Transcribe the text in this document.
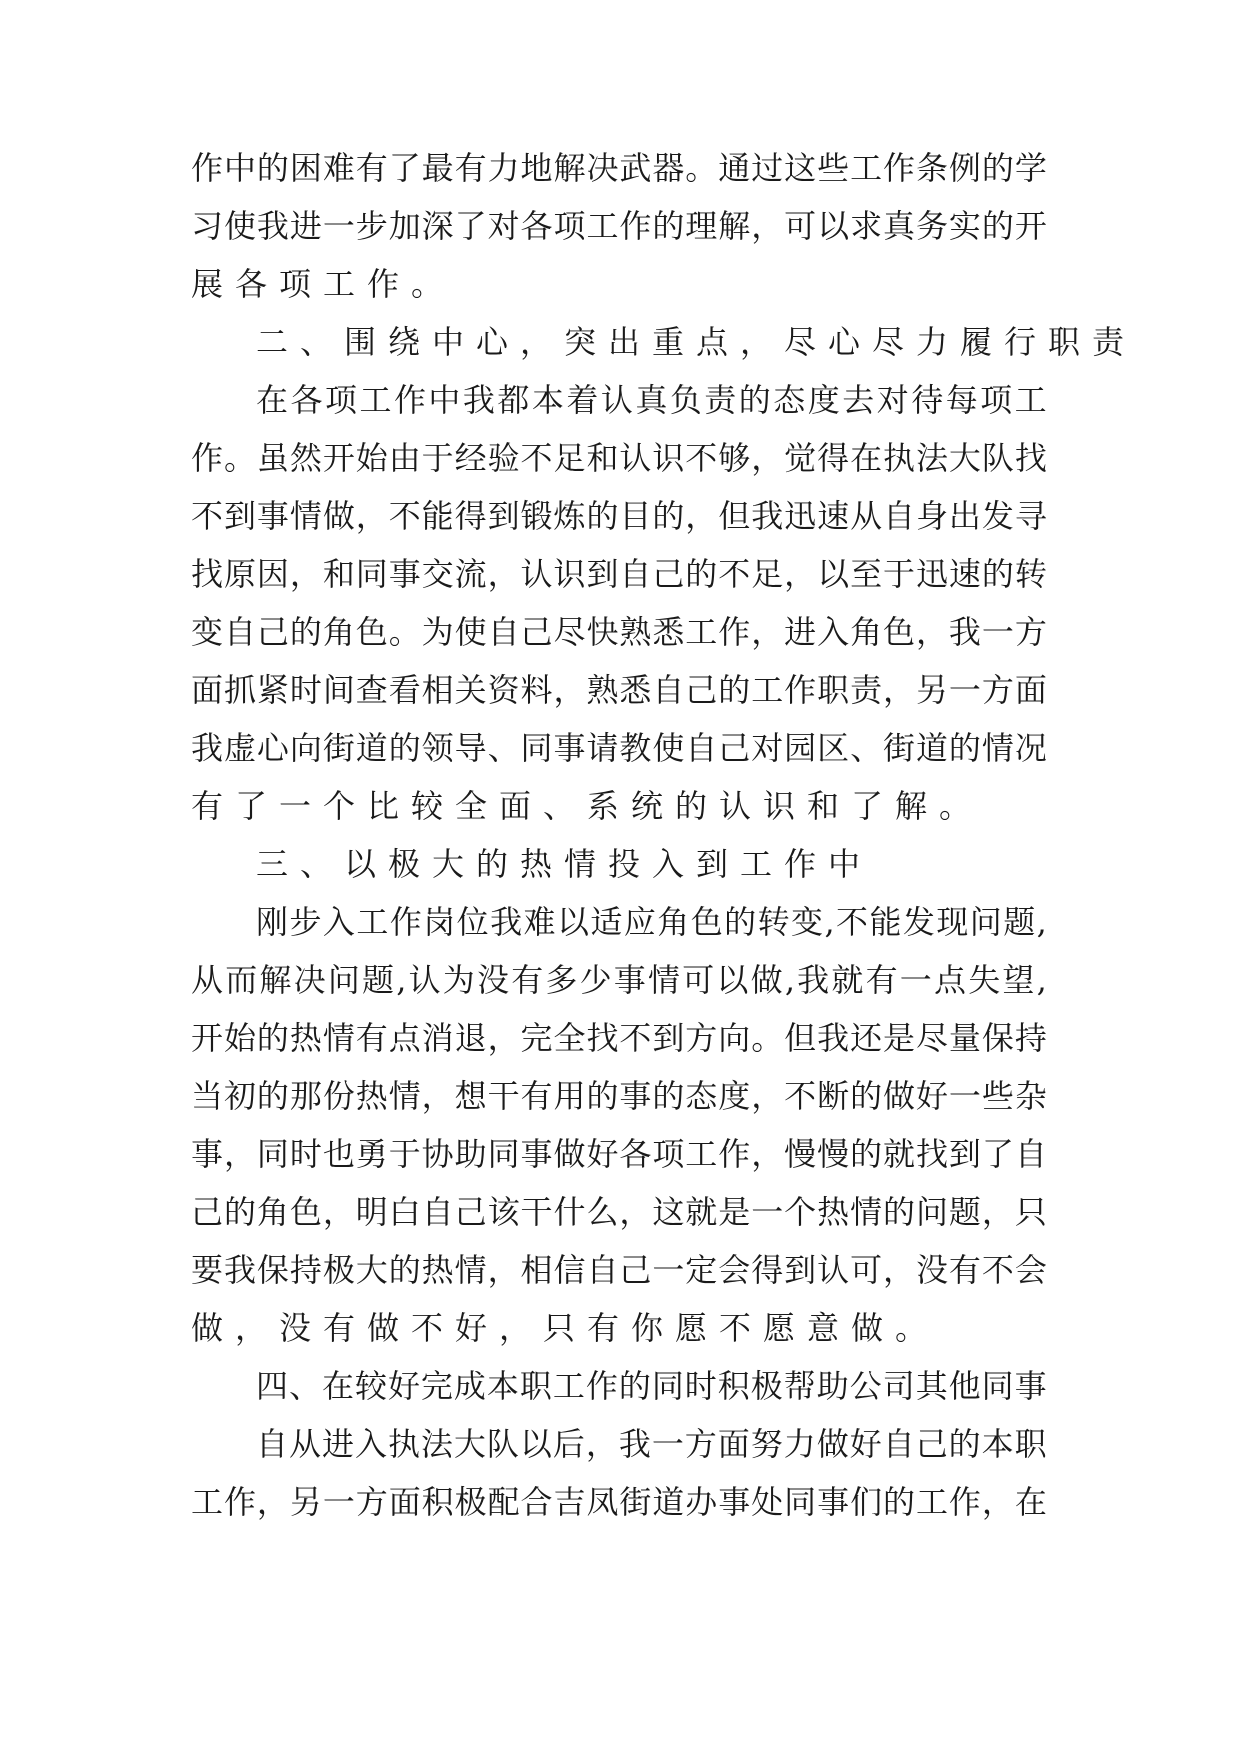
作 中 的 困 难 有 了 最 有 力 地 解 决 武 器 。 通 过 这 些 工 作 条 例 的 学

习 使 我 进 一 步 加 深 了 对 各 项 工 作 的 理 解 ， 可 以 求 真 务 实 的 开

展各项工作。

二、围绕中心，突出重点，尽心尽力履行职责

在 各 项 工 作 中 我 都 本 着 认 真 负 责 的 态 度 去 对 待 每 项 工

作 。 虽 然 开 始 由 于 经 验 不 足 和 认 识 不 够 ， 觉 得 在 执 法 大 队 找

不 到 事 情 做 ， 不 能 得 到 锻 炼 的 目 的 ， 但 我 迅 速 从 自 身 出 发 寻

找 原 因 ， 和 同 事 交 流 ， 认 识 到 自 己 的 不 足 ， 以 至 于 迅 速 的 转

变 自 己 的 角 色 。 为 使 自 己 尽 快 熟 悉 工 作 ， 进 入 角 色 ， 我 一 方

面 抓 紧 时 间 查 看 相 关 资 料 ， 熟 悉 自 己 的 工 作 职 责 ， 另 一 方 面

我 虚 心 向 街 道 的 领 导 、 同 事 请 教 使 自 己 对 园 区 、 街 道 的 情 况

有了一个比较全面、系统的认识和了解。

三、以极大的热情投入到工作中

刚 步 入 工 作 岗 位 我 难 以 适 应 角 色 的 转 变 , 不 能 发 现 问 题 ,

从 而 解 决 问 题 , 认 为 没 有 多 少 事 情 可 以 做 , 我 就 有 一 点 失 望 ,

开 始 的 热 情 有 点 消 退 ， 完 全 找 不 到 方 向 。 但 我 还 是 尽 量 保 持

当 初 的 那 份 热 情 ， 想 干 有 用 的 事 的 态 度 ， 不 断 的 做 好 一 些 杂

事 ， 同 时 也 勇 于 协 助 同 事 做 好 各 项 工 作 ， 慢 慢 的 就 找 到 了 自

己 的 角 色 ， 明 白 自 己 该 干 什 么 ， 这 就 是 一 个 热 情 的 问 题 ， 只

要 我 保 持 极 大 的 热 情 ， 相 信 自 己 一 定 会 得 到 认 可 ， 没 有 不 会

做，没有做不好，只有你愿不愿意做。

四 、 在 较 好 完 成 本 职 工 作 的 同 时 积 极 帮 助 公 司 其 他 同 事

自 从 进 入 执 法 大 队 以 后 ， 我 一 方 面 努 力 做 好 自 己 的 本 职

工 作 ， 另 一 方 面 积 极 配 合 吉 凤 街 道 办 事 处 同 事 们 的 工 作 ， 在
